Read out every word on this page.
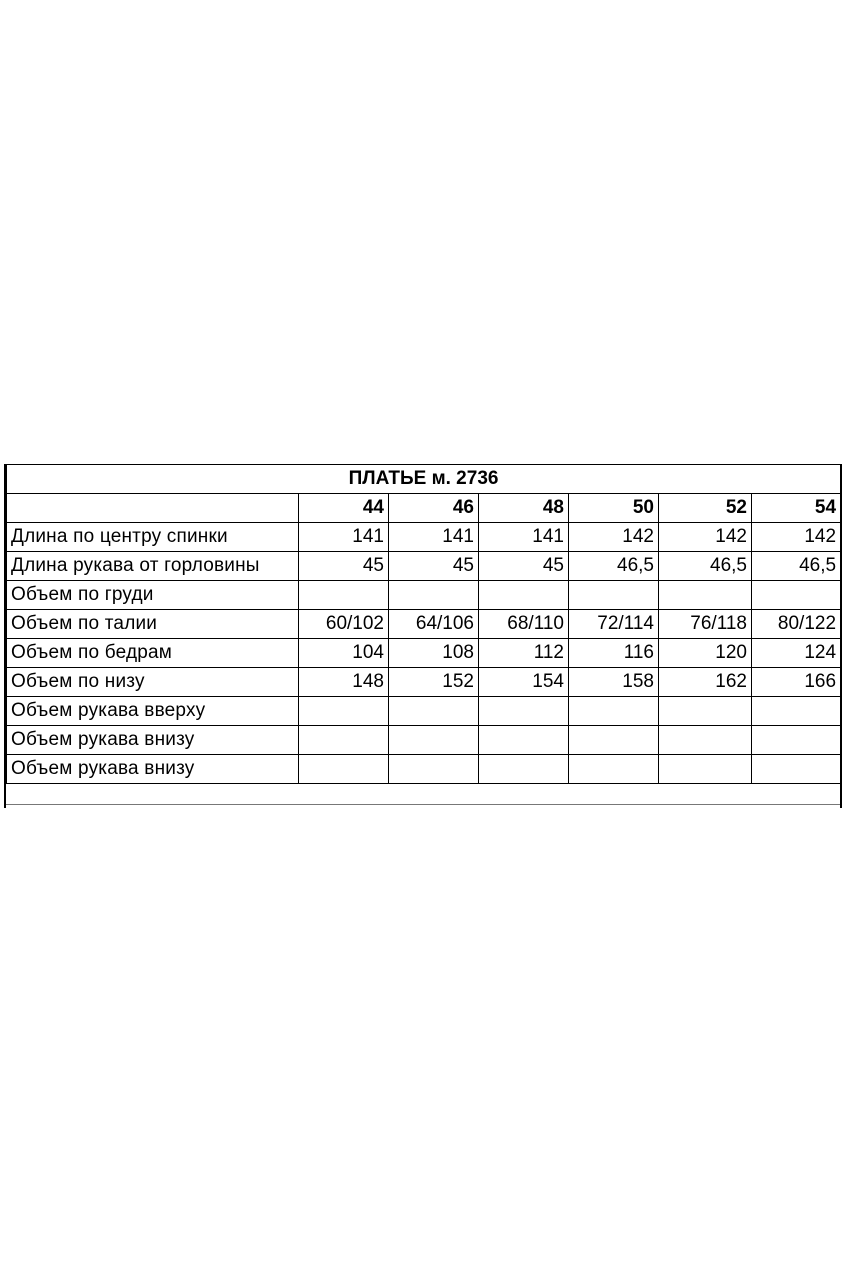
ПЛАТЬЕ м. 2736						
	44	46	48	50	52	54
Длина по центру спинки	141	141	141	142	142	142
Длина рукава от горловины	45	45	45	46,5	46,5	46,5
Объем по груди						
Объем по талии	60/102	64/106	68/110	72/114	76/118	80/122
Объем по бедрам	104	108	112	116	120	124
Объем по низу	148	152	154	158	162	166
Объем рукава вверху						
Объем рукава внизу						
Объем рукава внизу						
